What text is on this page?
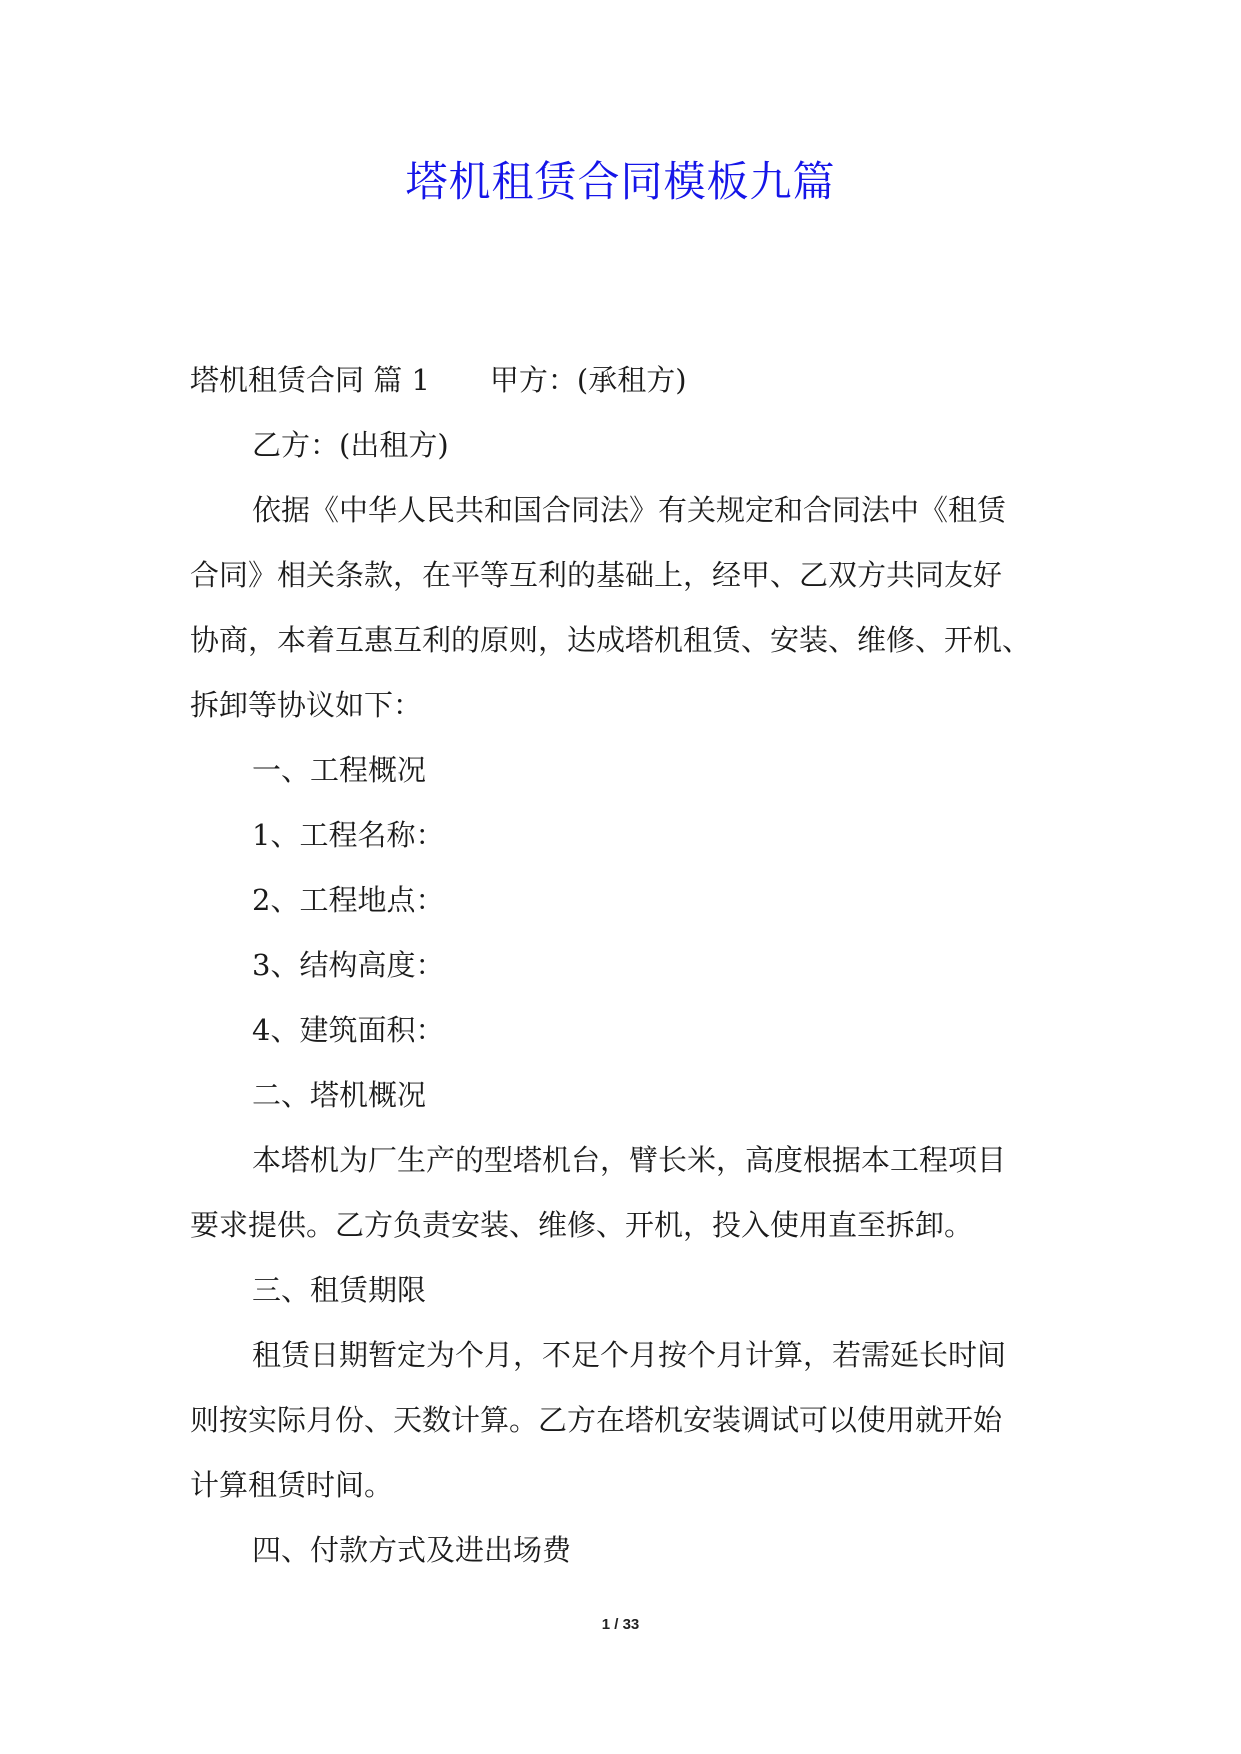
塔机租赁合同模板九篇
塔机租赁合同 篇 1 甲方：(承租方)
乙方：(出租方)
依据《中华人民共和国合同法》有关规定和合同法中《租赁
合同》相关条款，在平等互利的基础上，经甲、乙双方共同友好
协商，本着互惠互利的原则，达成塔机租赁、安装、维修、开机、
拆卸等协议如下：
一、工程概况
1、工程名称：
2、工程地点：
3、结构高度：
4、建筑面积：
二、塔机概况
本塔机为厂生产的型塔机台，臂长米，高度根据本工程项目
要求提供。乙方负责安装、维修、开机，投入使用直至拆卸。
三、租赁期限
租赁日期暂定为个月，不足个月按个月计算，若需延长时间
则按实际月份、天数计算。乙方在塔机安装调试可以使用就开始
计算租赁时间。
四、付款方式及进出场费
1 / 33
